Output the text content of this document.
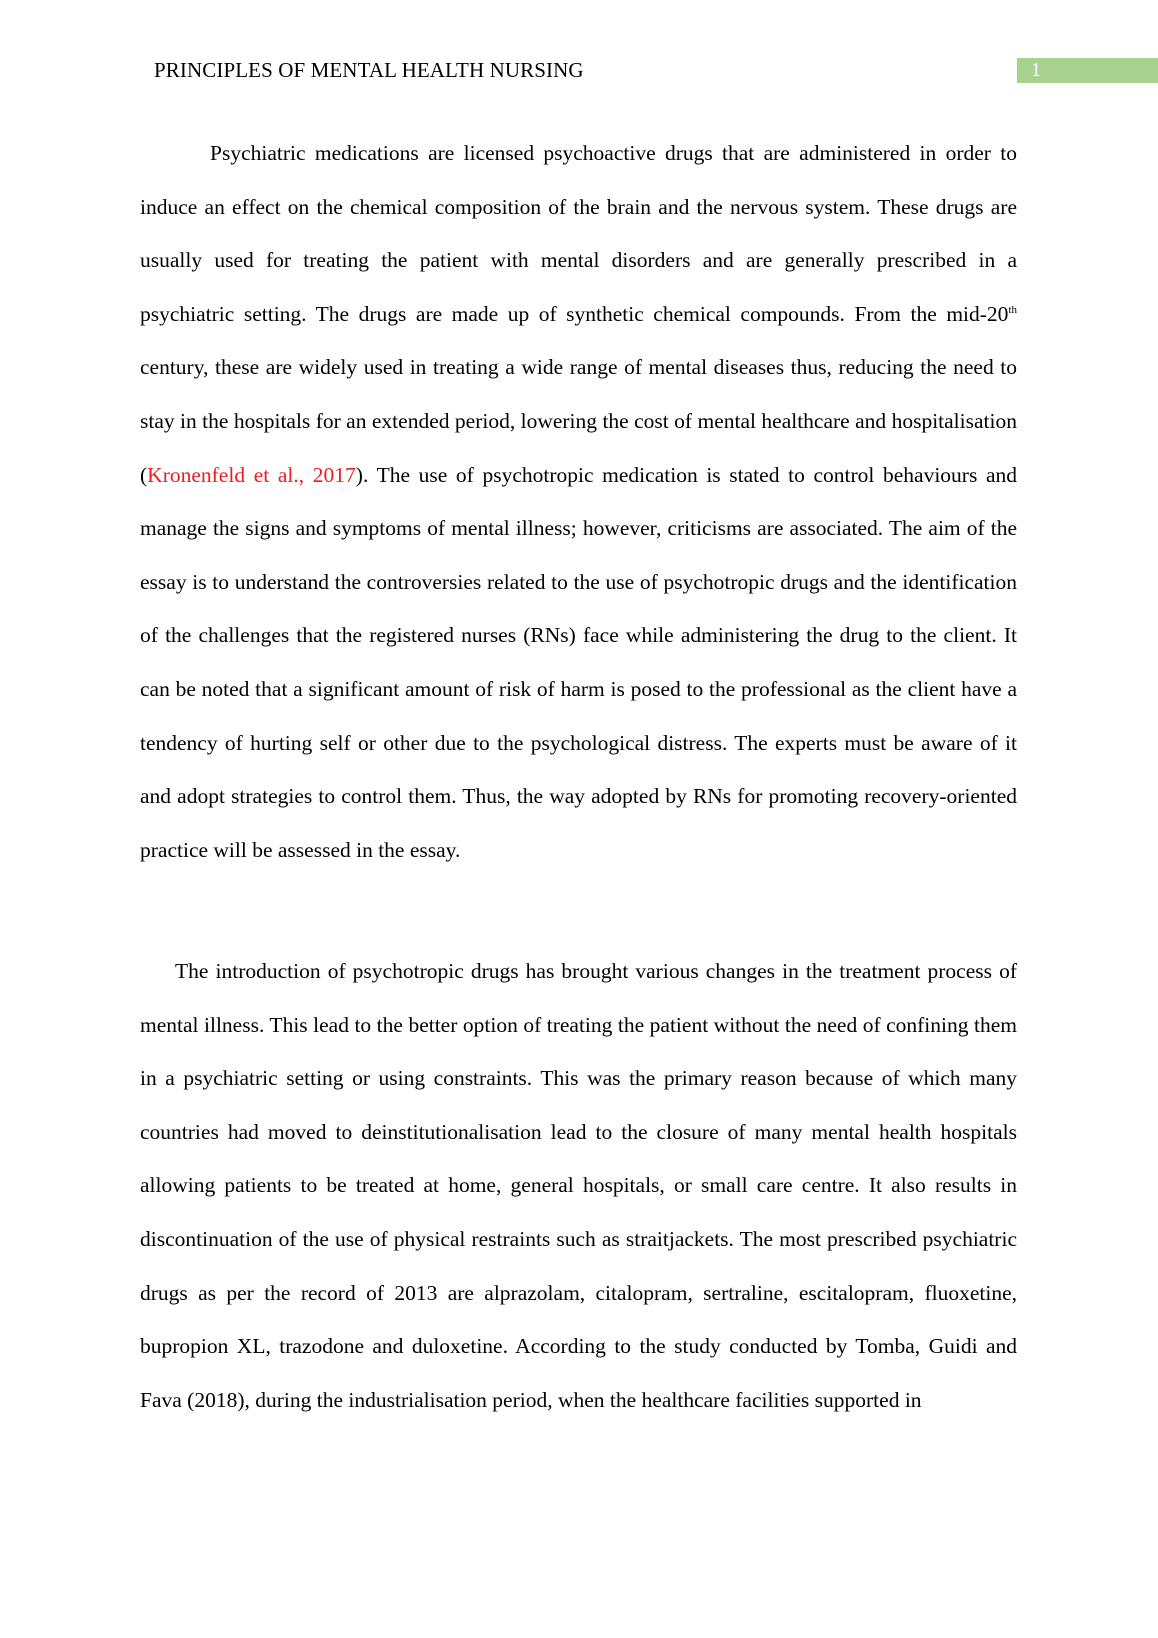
PRINCIPLES OF MENTAL HEALTH NURSING	1

Psychiatric medications are licensed psychoactive drugs that are administered in order to induce an effect on the chemical composition of the brain and the nervous system. These drugs are usually used for treating the patient with mental disorders and are generally prescribed in a psychiatric setting. The drugs are made up of synthetic chemical compounds. From the mid-20th century, these are widely used in treating a wide range of mental diseases thus, reducing the need to stay in the hospitals for an extended period, lowering the cost of mental healthcare and hospitalisation (Kronenfeld et al., 2017). The use of psychotropic medication is stated to control behaviours and manage the signs and symptoms of mental illness; however, criticisms are associated. The aim of the essay is to understand the controversies related to the use of psychotropic drugs and the identification of the challenges that the registered nurses (RNs) face while administering the drug to the client. It can be noted that a significant amount of risk of harm is posed to the professional as the client have a tendency of hurting self or other due to the psychological distress. The experts must be aware of it and adopt strategies to control them. Thus, the way adopted by RNs for promoting recovery-oriented practice will be assessed in the essay.

The introduction of psychotropic drugs has brought various changes in the treatment process of mental illness. This lead to the better option of treating the patient without the need of confining them in a psychiatric setting or using constraints. This was the primary reason because of which many countries had moved to deinstitutionalisation lead to the closure of many mental health hospitals allowing patients to be treated at home, general hospitals, or small care centre. It also results in discontinuation of the use of physical restraints such as straitjackets. The most prescribed psychiatric drugs as per the record of 2013 are alprazolam, citalopram, sertraline, escitalopram, fluoxetine, bupropion XL, trazodone and duloxetine. According to the study conducted by Tomba, Guidi and Fava (2018), during the industrialisation period, when the healthcare facilities supported in
